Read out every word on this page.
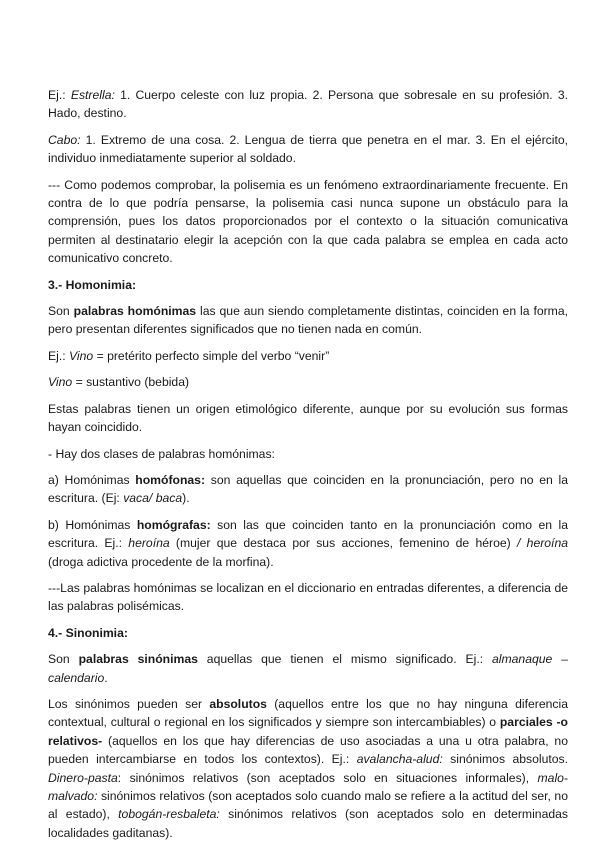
Ej.: Estrella: 1. Cuerpo celeste con luz propia. 2. Persona que sobresale en su profesión. 3. Hado, destino.

Cabo: 1. Extremo de una cosa. 2. Lengua de tierra que penetra en el mar. 3. En el ejército, individuo inmediatamente superior al soldado.

--- Como podemos comprobar, la polisemia es un fenómeno extraordinariamente frecuente. En contra de lo que podría pensarse, la polisemia casi nunca supone un obstáculo para la comprensión, pues los datos proporcionados por el contexto o la situación comunicativa permiten al destinatario elegir la acepción con la que cada palabra se emplea en cada acto comunicativo concreto.

3.- Homonimia:

Son palabras homónimas las que aun siendo completamente distintas, coinciden en la forma, pero presentan diferentes significados que no tienen nada en común.

Ej.: Vino = pretérito perfecto simple del verbo “venir”

Vino = sustantivo (bebida)

Estas palabras tienen un origen etimológico diferente, aunque por su evolución sus formas hayan coincidido.

- Hay dos clases de palabras homónimas:

a) Homónimas homófonas: son aquellas que coinciden en la pronunciación, pero no en la escritura. (Ej: vaca/ baca).

b) Homónimas homógrafas: son las que coinciden tanto en la pronunciación como en la escritura. Ej.: heroína (mujer que destaca por sus acciones, femenino de héroe) / heroína (droga adictiva procedente de la morfina).

---Las palabras homónimas se localizan en el diccionario en entradas diferentes, a diferencia de las palabras polisémicas.

4.- Sinonimia:

Son palabras sinónimas aquellas que tienen el mismo significado. Ej.: almanaque – calendario.

Los sinónimos pueden ser absolutos (aquellos entre los que no hay ninguna diferencia contextual, cultural o regional en los significados y siempre son intercambiables) o parciales -o relativos- (aquellos en los que hay diferencias de uso asociadas a una u otra palabra, no pueden intercambiarse en todos los contextos). Ej.: avalancha-alud: sinónimos absolutos. Dinero-pasta: sinónimos relativos (son aceptados solo en situaciones informales), malo-malvado: sinónimos relativos (son aceptados solo cuando malo se refiere a la actitud del ser, no al estado), tobogán-resbaleta: sinónimos relativos (son aceptados solo en determinadas localidades gaditanas).
